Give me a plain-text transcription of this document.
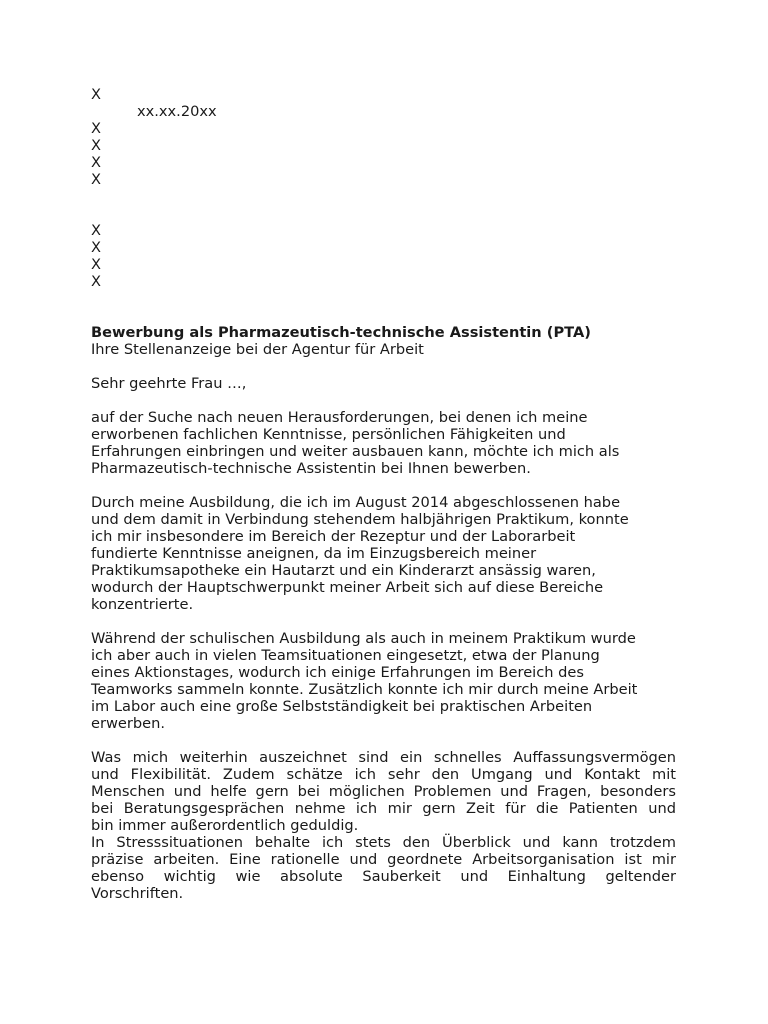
X
xx.xx.20xx
X
X
X
X
X
X
X
X
Bewerbung als Pharmazeutisch-technische Assistentin (PTA)
Ihre Stellenanzeige bei der Agentur für Arbeit
Sehr geehrte Frau …,
auf der Suche nach neuen Herausforderungen, bei denen ich meine
erworbenen fachlichen Kenntnisse, persönlichen Fähigkeiten und
Erfahrungen einbringen und weiter ausbauen kann, möchte ich mich als
Pharmazeutisch-technische Assistentin bei Ihnen bewerben.
Durch meine Ausbildung, die ich im August 2014 abgeschlossenen habe
und dem damit in Verbindung stehendem halbjährigen Praktikum, konnte
ich mir insbesondere im Bereich der Rezeptur und der Laborarbeit
fundierte Kenntnisse aneignen, da im Einzugsbereich meiner
Praktikumsapotheke ein Hautarzt und ein Kinderarzt ansässig waren,
wodurch der Hauptschwerpunkt meiner Arbeit sich auf diese Bereiche
konzentrierte.
Während der schulischen Ausbildung als auch in meinem Praktikum wurde
ich aber auch in vielen Teamsituationen eingesetzt, etwa der Planung
eines Aktionstages, wodurch ich einige Erfahrungen im Bereich des
Teamworks sammeln konnte. Zusätzlich konnte ich mir durch meine Arbeit
im Labor auch eine große Selbstständigkeit bei praktischen Arbeiten
erwerben.
Was mich weiterhin auszeichnet sind ein schnelles Auffassungsvermögen
und Flexibilität. Zudem schätze ich sehr den Umgang und Kontakt mit
Menschen und helfe gern bei möglichen Problemen und Fragen, besonders
bei Beratungsgesprächen nehme ich mir gern Zeit für die Patienten und
bin immer außerordentlich geduldig.
In Stresssituationen behalte ich stets den Überblick und kann trotzdem
präzise arbeiten. Eine rationelle und geordnete Arbeitsorganisation ist mir
ebenso wichtig wie absolute Sauberkeit und Einhaltung geltender
Vorschriften.
